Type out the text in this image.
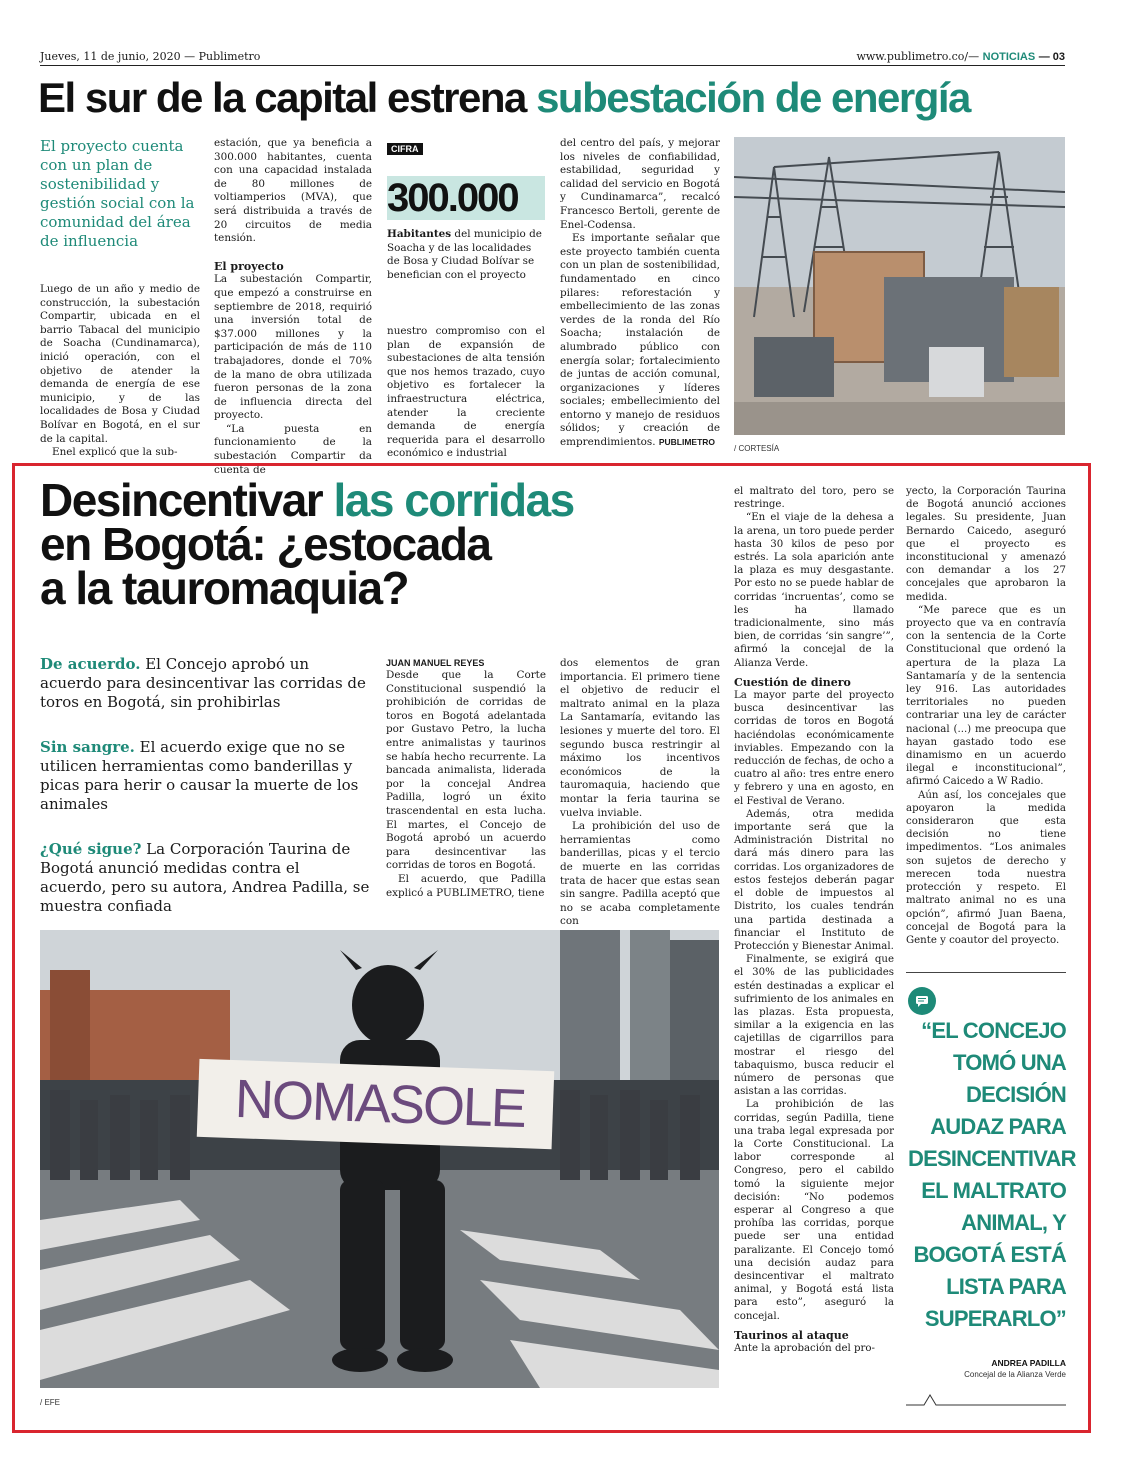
Jueves, 11 de junio, 2020 — Publimetro	www.publimetro.co/— NOTICIAS — 03
El sur de la capital estrena subestación de energía
El proyecto cuenta con un plan de sostenibilidad y gestión social con la comunidad del área de influencia

Luego de un año y medio de construcción, la subestación Compartir, ubicada en el barrio Tabacal del municipio de Soacha (Cundinamarca), inició operación, con el objetivo de atender la demanda de energía de ese municipio, y de las localidades de Bosa y Ciudad Bolívar en Bogotá, en el sur de la capital.

Enel explicó que la sub-

estación, que ya beneficia a 300.000 habitantes, cuenta con una capacidad instalada de 80 millones de voltiamperios (MVA), que será distribuida a través de 20 circuitos de media tensión.

El proyecto

La subestación Compartir, que empezó a construirse en septiembre de 2018, requirió una inversión total de $37.000 millones y la participación de más de 110 trabajadores, donde el 70% de la mano de obra utilizada fueron personas de la zona de influencia directa del proyecto.

“La puesta en funcionamiento de la subestación Compartir da cuenta de

CIFRA
300.000
Habitantes del municipio de Soacha y de las localidades de Bosa y Ciudad Bolívar se benefician con el proyecto

nuestro compromiso con el plan de expansión de subestaciones de alta tensión que nos hemos trazado, cuyo objetivo es fortalecer la infraestructura eléctrica, atender la creciente demanda de energía requerida para el desarrollo económico e industrial

del centro del país, y mejorar los niveles de confiabilidad, estabilidad, seguridad y calidad del servicio en Bogotá y Cundinamarca”, recalcó Francesco Bertoli, gerente de Enel-Codensa.

Es importante señalar que este proyecto también cuenta con un plan de sostenibilidad, fundamentado en cinco pilares: reforestación y embellecimiento de las zonas verdes de la ronda del Río Soacha; instalación de alumbrado público con energía solar; fortalecimiento de juntas de acción comunal, organizaciones y líderes sociales; embellecimiento del entorno y manejo de residuos sólidos; y creación de emprendimientos. PUBLIMETRO

/ CORTESÍA
Desincentivar las corridas
en Bogotá: ¿estocada
a la tauromaquia?

De acuerdo. El Concejo aprobó un acuerdo para desincentivar las corridas de toros en Bogotá, sin prohibirlas

Sin sangre. El acuerdo exige que no se utilicen herramientas como banderillas y picas para herir o causar la muerte de los animales

¿Qué sigue? La Corporación Taurina de Bogotá anunció medidas contra el acuerdo, pero su autora, Andrea Padilla, se muestra confiada

JUAN MANUEL REYES

Desde que la Corte Constitucional suspendió la prohibición de corridas de toros en Bogotá adelantada por Gustavo Petro, la lucha entre animalistas y taurinos se había hecho recurrente. La bancada animalista, liderada por la concejal Andrea Padilla, logró un éxito trascendental en esta lucha. El martes, el Concejo de Bogotá aprobó un acuerdo para desincentivar las corridas de toros en Bogotá.

El acuerdo, que Padilla explicó a PUBLIMETRO, tiene

dos elementos de gran importancia. El primero tiene el objetivo de reducir el maltrato animal en la plaza La Santamaría, evitando las lesiones y muerte del toro. El segundo busca restringir al máximo los incentivos económicos de la tauromaquia, haciendo que montar la feria taurina se vuelva inviable.

La prohibición del uso de herramientas como banderillas, picas y el tercio de muerte en las corridas trata de hacer que estas sean sin sangre. Padilla aceptó que no se acaba completamente con

el maltrato del toro, pero se restringe.

“En el viaje de la dehesa a la arena, un toro puede perder hasta 30 kilos de peso por estrés. La sola aparición ante la plaza es muy desgastante. Por esto no se puede hablar de corridas ‘incruentas’, como se les ha llamado tradicionalmente, sino más bien, de corridas ‘sin sangre’”, afirmó la concejal de la Alianza Verde.

Cuestión de dinero

La mayor parte del proyecto busca desincentivar las corridas de toros en Bogotá haciéndolas económicamente inviables. Empezando con la reducción de fechas, de ocho a cuatro al año: tres entre enero y febrero y una en agosto, en el Festival de Verano.

Además, otra medida importante será que la Administración Distrital no dará más dinero para las corridas. Los organizadores de estos festejos deberán pagar el doble de impuestos al Distrito, los cuales tendrán una partida destinada a financiar el Instituto de Protección y Bienestar Animal.

Finalmente, se exigirá que el 30% de las publicidades estén destinadas a explicar el sufrimiento de los animales en las plazas. Esta propuesta, similar a la exigencia en las cajetillas de cigarrillos para mostrar el riesgo del tabaquismo, busca reducir el número de personas que asistan a las corridas.

La prohibición de las corridas, según Padilla, tiene una traba legal expresada por la Corte Constitucional. La labor corresponde al Congreso, pero el cabildo tomó la siguiente mejor decisión: “No podemos esperar al Congreso a que prohíba las corridas, porque puede ser una entidad paralizante. El Concejo tomó una decisión audaz para desincentivar el maltrato animal, y Bogotá está lista para esto”, aseguró la concejal.

Taurinos al ataque

Ante la aprobación del pro-

yecto, la Corporación Taurina de Bogotá anunció acciones legales. Su presidente, Juan Bernardo Caicedo, aseguró que el proyecto es inconstitucional y amenazó con demandar a los 27 concejales que aprobaron la medida.

“Me parece que es un proyecto que va en contravía con la sentencia de la Corte Constitucional que ordenó la apertura de la plaza La Santamaría y de la sentencia ley 916. Las autoridades territoriales no pueden contrariar una ley de carácter nacional (...) me preocupa que hayan gastado todo ese dinamismo en un acuerdo ilegal e inconstitucional”, afirmó Caicedo a W Radio.

Aún así, los concejales que apoyaron la medida consideraron que esta decisión no tiene impedimentos. “Los animales son sujetos de derecho y merecen toda nuestra protección y respeto. El maltrato animal no es una opción”, afirmó Juan Baena, concejal de Bogotá para la Gente y coautor del proyecto.

“EL CONCEJO TOMÓ UNA DECISIÓN AUDAZ PARA DESINCENTIVAR EL MALTRATO ANIMAL, Y BOGOTÁ ESTÁ LISTA PARA SUPERARLO”
ANDREA PADILLA
Concejal de la Alianza Verde
NOMASOLE
/ EFE
